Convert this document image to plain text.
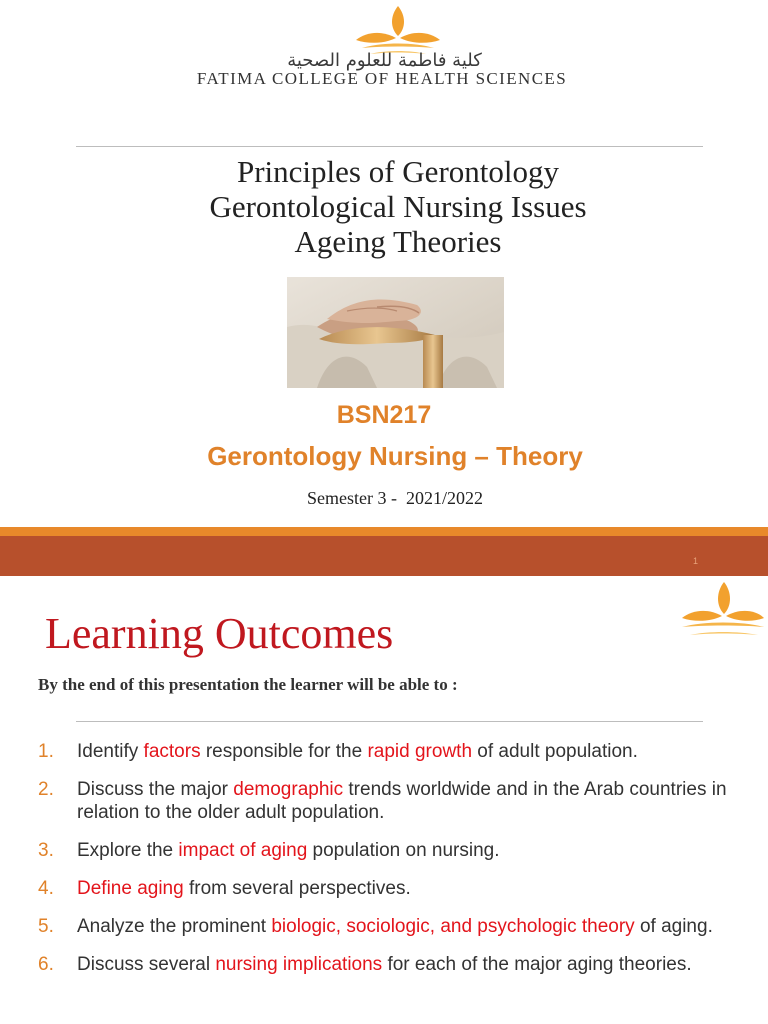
كلية فاطمة للعلوم الصحية
FATIMA COLLEGE OF HEALTH SCIENCES
Principles of Gerontology
Gerontological Nursing Issues
Ageing Theories
BSN217
Gerontology Nursing – Theory
Semester 3 -  2021/2022
1
Learning Outcomes
By the end of this presentation the learner will be able to :
1. Identify factors responsible for the rapid growth of adult population.
2. Discuss the major demographic trends worldwide and in the Arab countries in relation to the older adult population.
3. Explore the impact of aging population on nursing.
4. Define aging from several perspectives.
5. Analyze the prominent biologic, sociologic, and psychologic theory of aging.
6. Discuss several nursing implications for each of the major aging theories.
